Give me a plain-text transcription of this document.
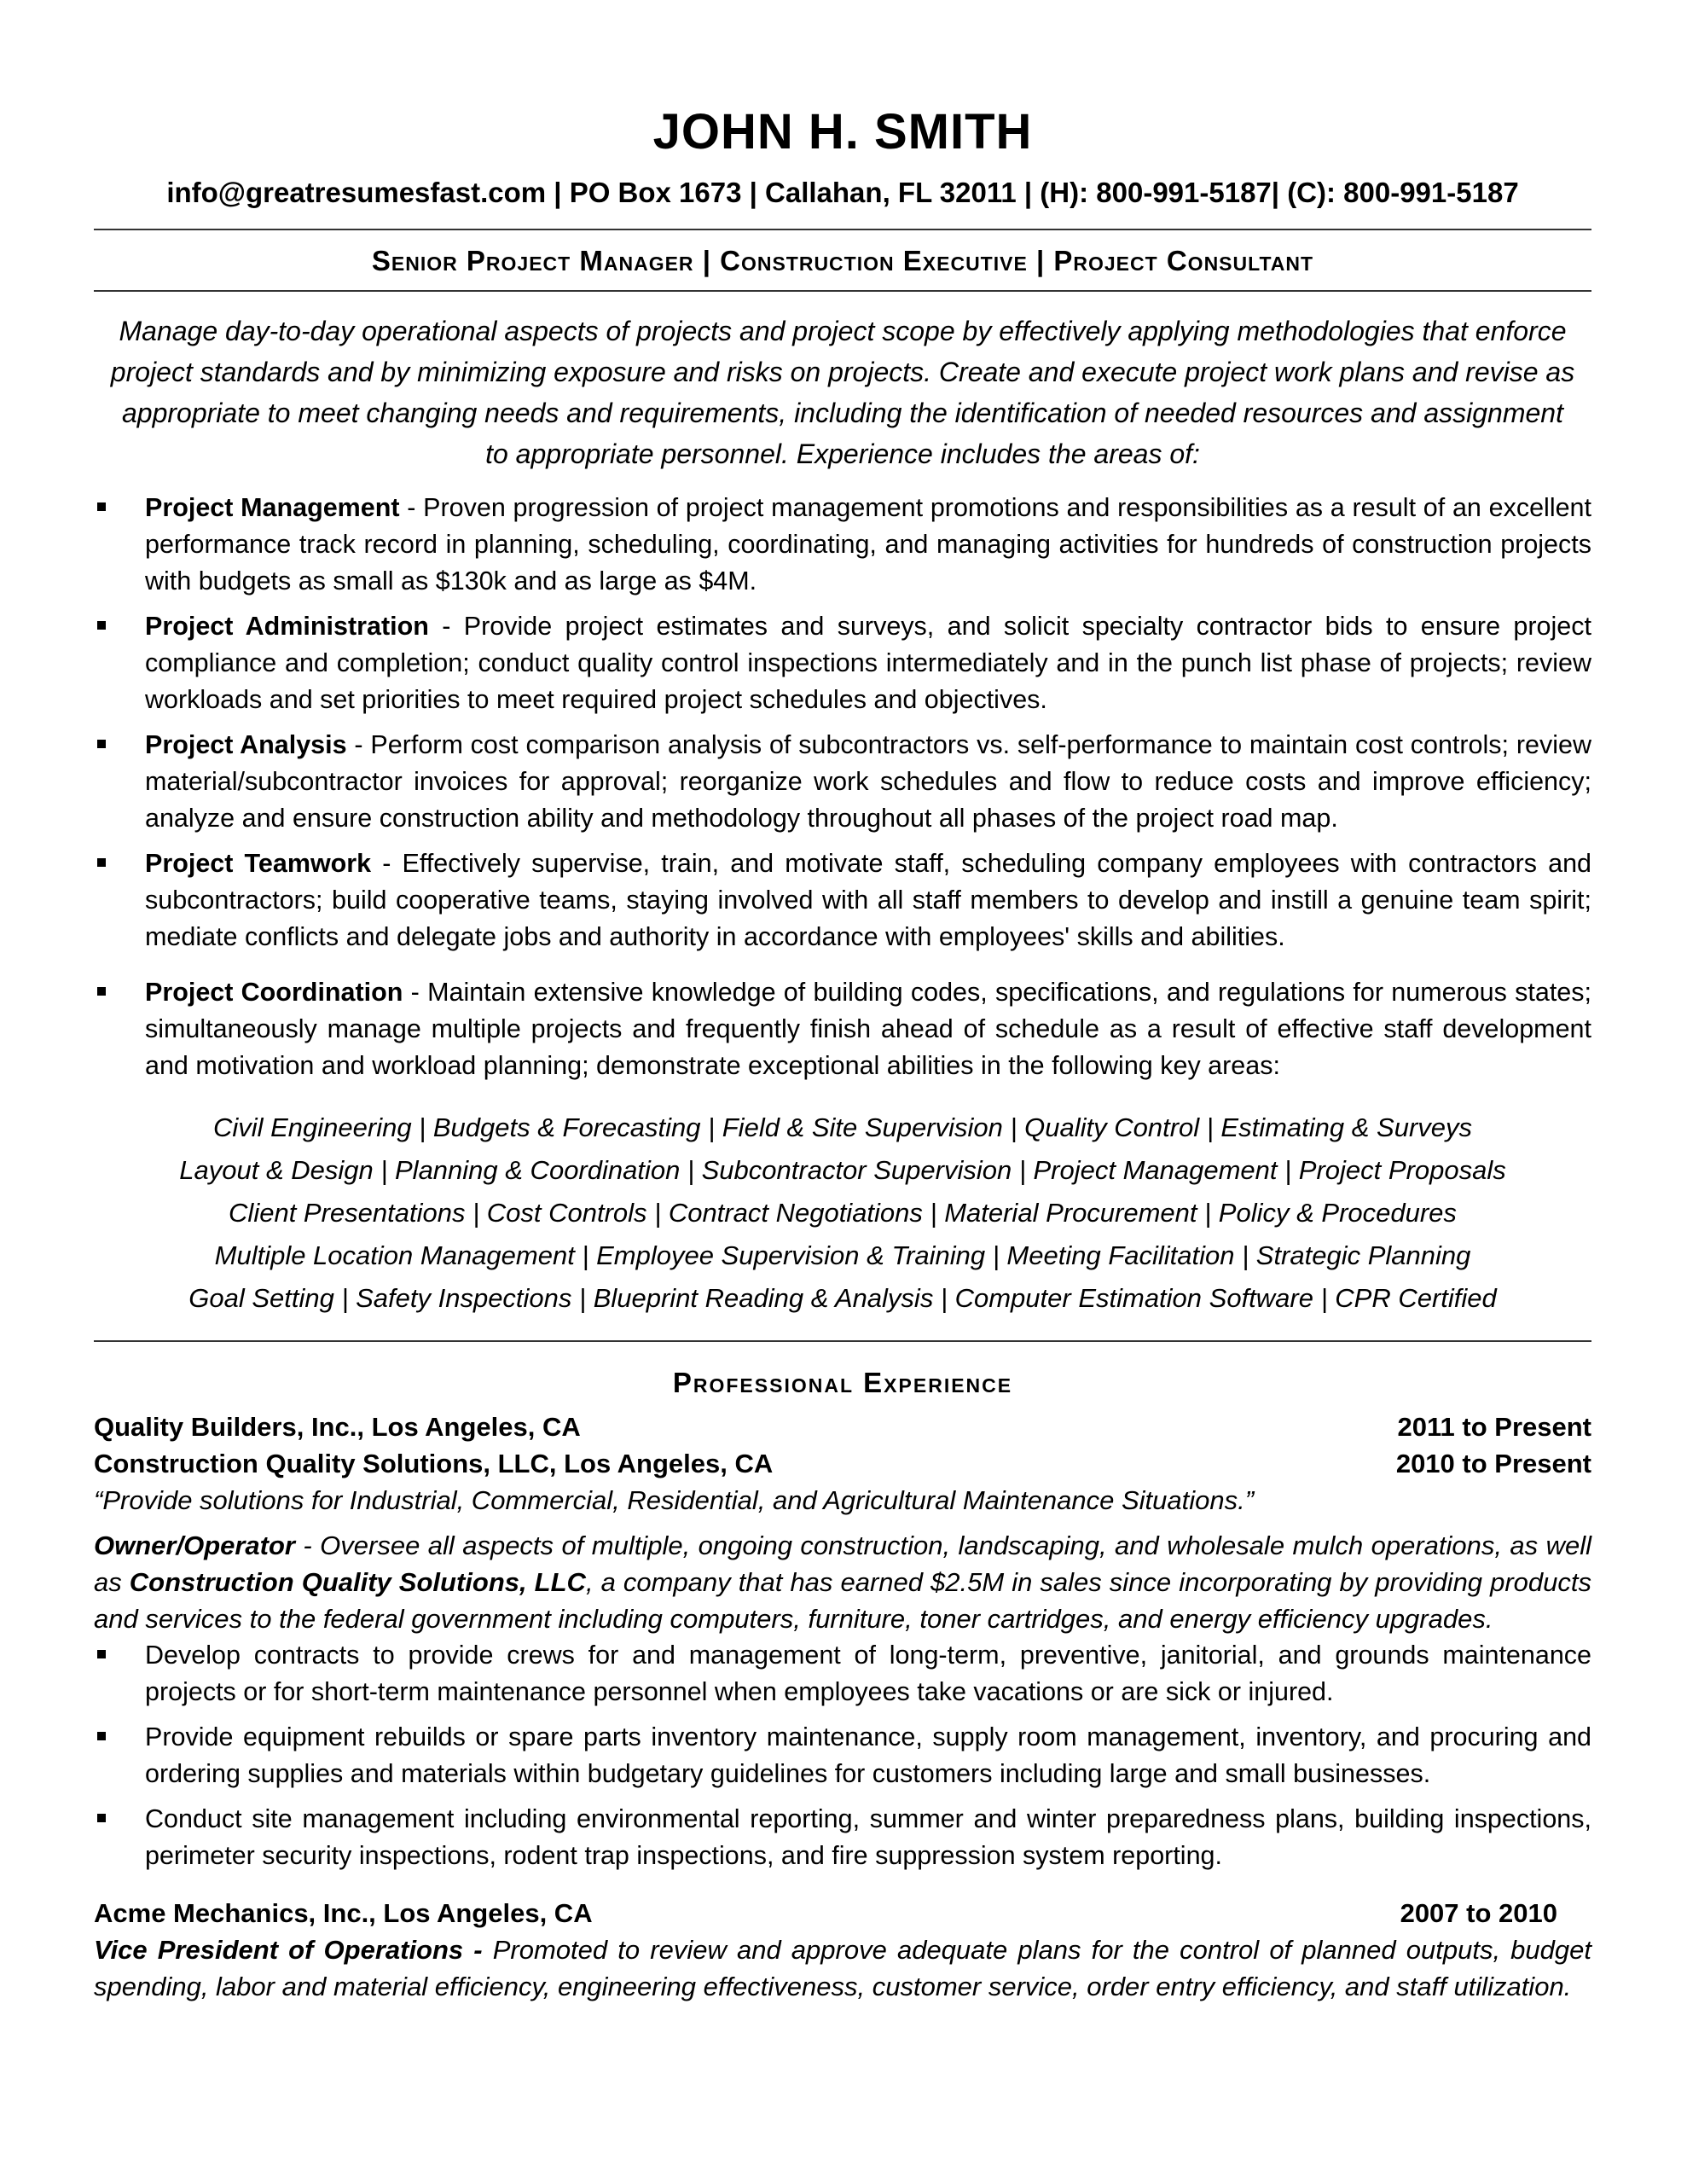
JOHN H. SMITH
info@greatresumesfast.com | PO Box 1673 | Callahan, FL 32011 | (H): 800-991-5187| (C): 800-991-5187
Senior Project Manager | Construction Executive | Project Consultant
Manage day-to-day operational aspects of projects and project scope by effectively applying methodologies that enforce project standards and by minimizing exposure and risks on projects. Create and execute project work plans and revise as appropriate to meet changing needs and requirements, including the identification of needed resources and assignment to appropriate personnel. Experience includes the areas of:
Project Management - Proven progression of project management promotions and responsibilities as a result of an excellent performance track record in planning, scheduling, coordinating, and managing activities for hundreds of construction projects with budgets as small as $130k and as large as $4M.
Project Administration - Provide project estimates and surveys, and solicit specialty contractor bids to ensure project compliance and completion; conduct quality control inspections intermediately and in the punch list phase of projects; review workloads and set priorities to meet required project schedules and objectives.
Project Analysis - Perform cost comparison analysis of subcontractors vs. self-performance to maintain cost controls; review material/subcontractor invoices for approval; reorganize work schedules and flow to reduce costs and improve efficiency; analyze and ensure construction ability and methodology throughout all phases of the project road map.
Project Teamwork - Effectively supervise, train, and motivate staff, scheduling company employees with contractors and subcontractors; build cooperative teams, staying involved with all staff members to develop and instill a genuine team spirit; mediate conflicts and delegate jobs and authority in accordance with employees' skills and abilities.
Project Coordination - Maintain extensive knowledge of building codes, specifications, and regulations for numerous states; simultaneously manage multiple projects and frequently finish ahead of schedule as a result of effective staff development and motivation and workload planning; demonstrate exceptional abilities in the following key areas:
Civil Engineering | Budgets & Forecasting | Field & Site Supervision | Quality Control | Estimating & Surveys
Layout & Design | Planning & Coordination | Subcontractor Supervision | Project Management | Project Proposals
Client Presentations | Cost Controls | Contract Negotiations | Material Procurement | Policy & Procedures
Multiple Location Management | Employee Supervision & Training | Meeting Facilitation | Strategic Planning
Goal Setting | Safety Inspections | Blueprint Reading & Analysis | Computer Estimation Software | CPR Certified
Professional Experience
Quality Builders, Inc., Los Angeles, CA	2011 to Present
Construction Quality Solutions, LLC, Los Angeles, CA	2010 to Present
“Provide solutions for Industrial, Commercial, Residential, and Agricultural Maintenance Situations.”
Owner/Operator - Oversee all aspects of multiple, ongoing construction, landscaping, and wholesale mulch operations, as well as Construction Quality Solutions, LLC, a company that has earned $2.5M in sales since incorporating by providing products and services to the federal government including computers, furniture, toner cartridges, and energy efficiency upgrades.
Develop contracts to provide crews for and management of long-term, preventive, janitorial, and grounds maintenance projects or for short-term maintenance personnel when employees take vacations or are sick or injured.
Provide equipment rebuilds or spare parts inventory maintenance, supply room management, inventory, and procuring and ordering supplies and materials within budgetary guidelines for customers including large and small businesses.
Conduct site management including environmental reporting, summer and winter preparedness plans, building inspections, perimeter security inspections, rodent trap inspections, and fire suppression system reporting.
Acme Mechanics, Inc., Los Angeles, CA	2007 to 2010
Vice President of Operations - Promoted to review and approve adequate plans for the control of planned outputs, budget spending, labor and material efficiency, engineering effectiveness, customer service, order entry efficiency, and staff utilization.
